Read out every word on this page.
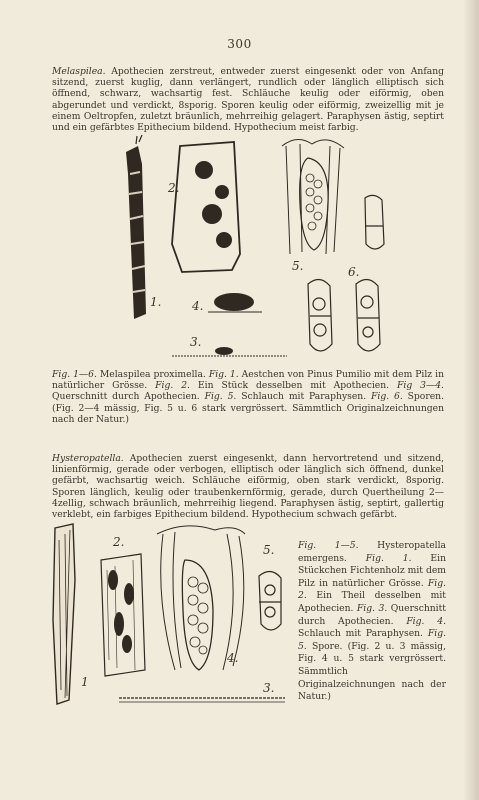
300
Melaspilea. Apothecien zerstreut, entweder zuerst eingesenkt oder von Anfang sitzend, zuerst kuglig, dann verlängert, rundlich oder länglich elliptisch sich öffnend, schwarz, wachsartig fest. Schläuche keulig oder eiförmig, oben abgerundet und verdickt, 8sporig. Sporen keulig oder eiförmig, zweizellig mit je einem Oeltropfen, zuletzt bräunlich, mehrreihig gelagert. Paraphysen ästig, septirt und ein gefärbtes Epithecium bildend. Hypothecium meist farbig.
1.
2.
3.
4.
5.	6.
Fig. 1—6. Melaspilea proximella. Fig. 1. Aestchen von Pinus Pumilio mit dem Pilz in natürlicher Grösse. Fig. 2. Ein Stück desselben mit Apothecien. Fig 3—4. Querschnitt durch Apothecien. Fig. 5. Schlauch mit Paraphysen. Fig. 6. Sporen. (Fig. 2—4 mässig, Fig. 5 u. 6 stark vergrössert. Sämmtlich Originalzeichnungen nach der Natur.)
Hysteropatella. Apothecien zuerst eingesenkt, dann hervortretend und sitzend, linienförmig, gerade oder verbogen, elliptisch oder länglich sich öffnend, dunkel gefärbt, wachsartig weich. Schläuche eiförmig, oben stark verdickt, 8sporig. Sporen länglich, keulig oder traubenkernförmig, gerade, durch Quertheilung 2—4zellig, schwach bräunlich, mehrreihig liegend. Paraphysen ästig, septirt, gallertig verklebt, ein farbiges Epithecium bildend. Hypothecium schwach gefärbt.
1
2.
3.
4.
5.	Fig. 1—5. Hysteropatella emergens. Fig. 1. Ein Stückchen Fichtenholz mit dem Pilz in natürlicher Grösse. Fig. 2. Ein Theil desselben mit Apothecien. Fig. 3. Querschnitt durch Apothecien. Fig. 4. Schlauch mit Paraphysen. Fig. 5. Spore. (Fig. 2 u. 3 mässig, Fig. 4 u. 5 stark vergrössert. Sämmtlich Originalzeichnungen nach der Natur.)
